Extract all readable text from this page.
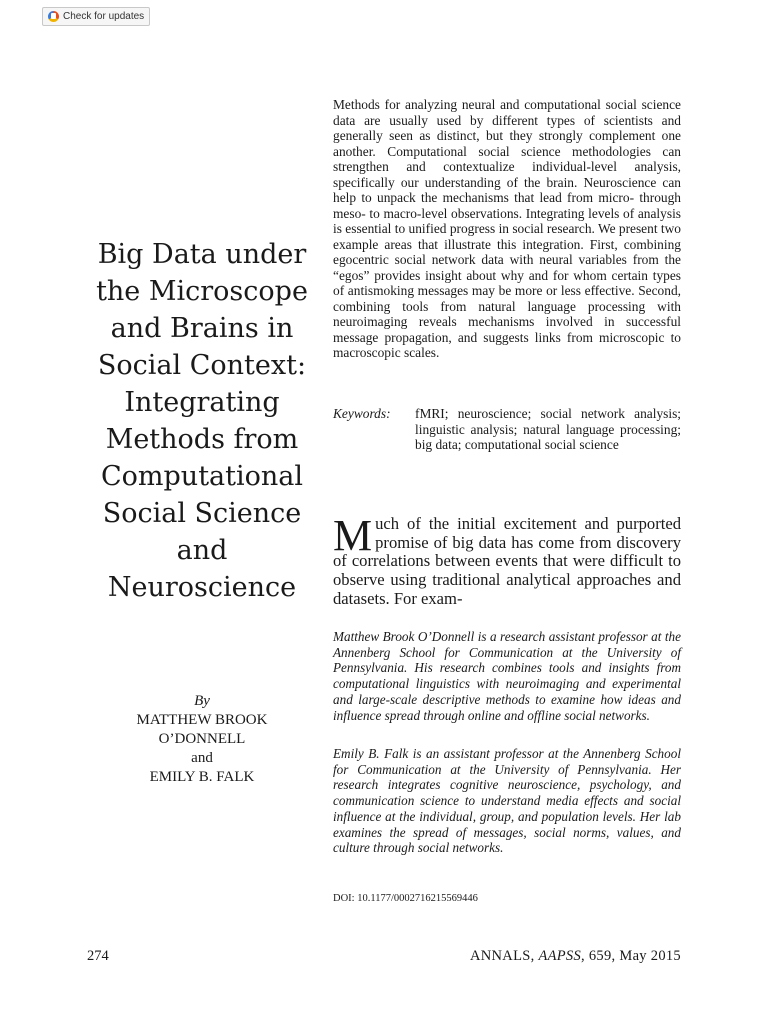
Check for updates
Big Data under
the Microscope
and Brains in
Social Context:
Integrating
Methods from
Computational
Social Science
and
Neuroscience
By
MATTHEW BROOK
O’DONNELL
and
EMILY B. FALK

Methods for analyzing neural and computational social science data are usually used by different types of scientists and generally seen as distinct, but they strongly complement one another. Computational social science methodologies can strengthen and contextualize individual-level analysis, specifically our understanding of the brain. Neuroscience can help to unpack the mechanisms that lead from micro- through meso- to macro-level observations. Integrating levels of analysis is essential to unified progress in social research. We present two example areas that illustrate this integration. First, combining egocentric social network data with neural variables from the “egos” provides insight about why and for whom certain types of antismoking messages may be more or less effective. Second, combining tools from natural language processing with neuroimaging reveals mechanisms involved in successful message propagation, and suggests links from microscopic to macroscopic scales.

Keywords:	fMRI; neuroscience; social network analysis; linguistic analysis; natural language processing; big data; computational social science

Much of the initial excitement and purported promise of big data has come from discovery of correlations between events that were difficult to observe using traditional analytical approaches and datasets. For exam-

Matthew Brook O’Donnell is a research assistant professor at the Annenberg School for Communication at the University of Pennsylvania. His research combines tools and insights from computational linguistics with neuroimaging and experimental and large-scale descriptive methods to examine how ideas and influence spread through online and offline social networks.

Emily B. Falk is an assistant professor at the Annenberg School for Communication at the University of Pennsylvania. Her research integrates cognitive neuroscience, psychology, and communication science to understand media effects and social influence at the individual, group, and population levels. Her lab examines the spread of messages, social norms, values, and culture through social networks.

DOI: 10.1177/0002716215569446
274	ANNALS, AAPSS, 659, May 2015
